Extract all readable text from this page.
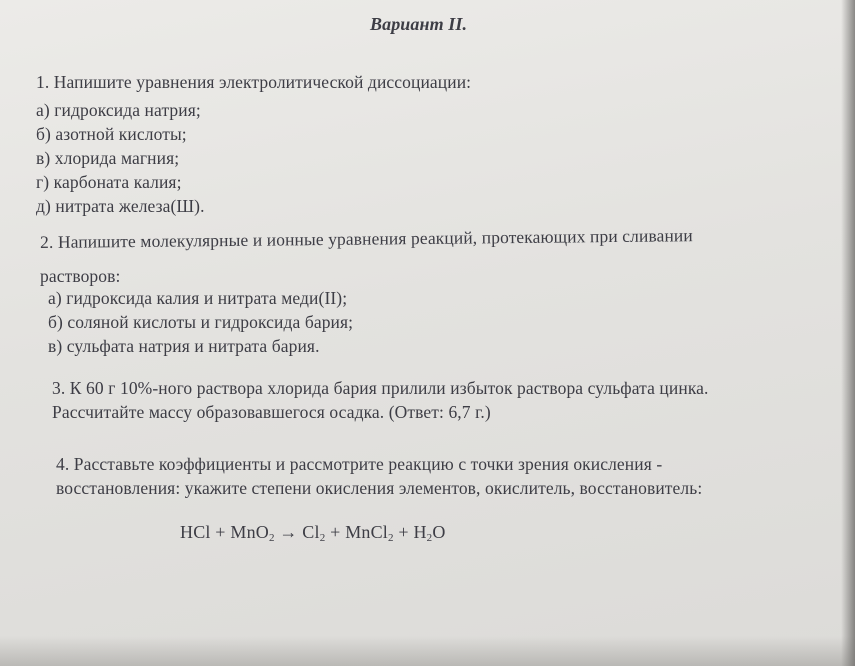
Вариант II.
1. Напишите уравнения электролитической диссоциации:
а) гидроксида натрия;
б) азотной кислоты;
в) хлорида магния;
г) карбоната калия;
д) нитрата железа(Ш).
2. Напишите молекулярные и ионные уравнения реакций, протекающих при сливании
растворов:
а) гидроксида калия и нитрата меди(II);
б) соляной кислоты и гидроксида бария;
в) сульфата натрия и нитрата бария.
3. К 60 г 10%-ного раствора хлорида бария прилили избыток раствора сульфата цинка.
Рассчитайте массу образовавшегося осадка. (Ответ: 6,7 г.)
4. Расставьте коэффициенты и рассмотрите реакцию с точки зрения окисления -
восстановления: укажите степени окисления элементов, окислитель, восстановитель:
HCl + $MnO_2 \to Cl_2$ + MnCl$_2$ + $H_2O$
